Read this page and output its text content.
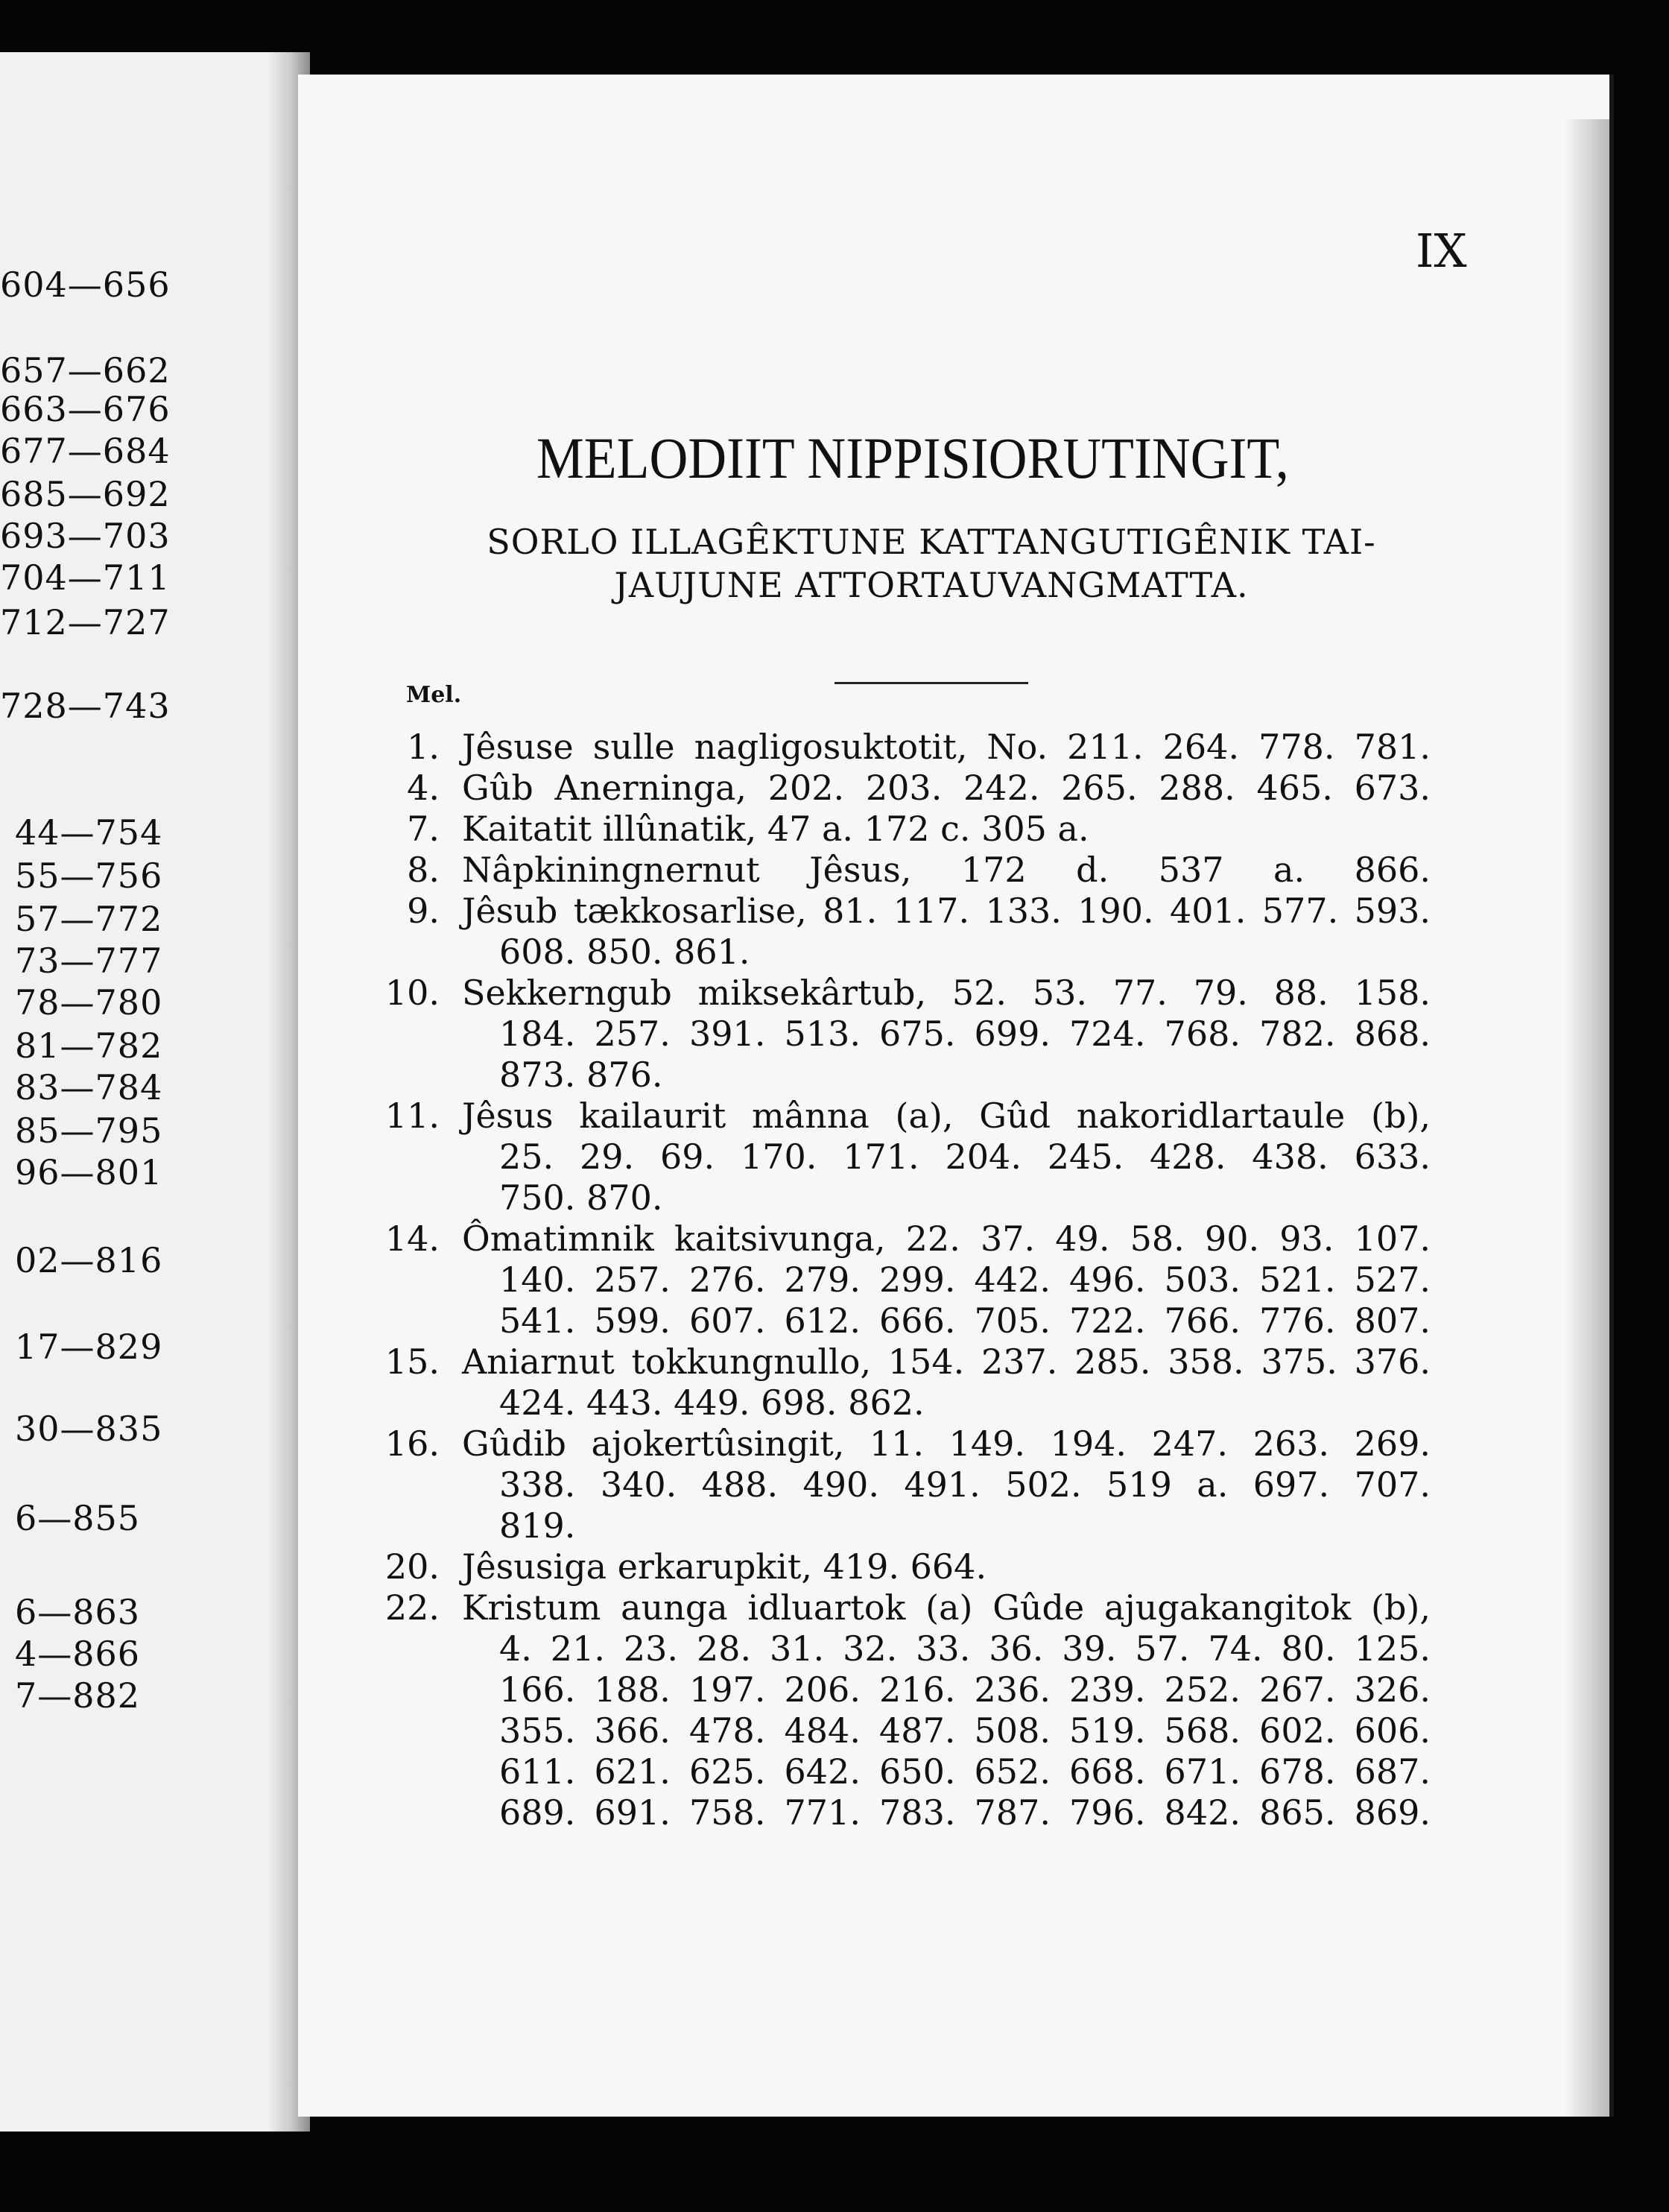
604—656
657—662
663—676
677—684
685—692
693—703
704—711
712—727
728—743
44—754
55—756
57—772
73—777
78—780
81—782
83—784
85—795
96—801
02—816
17—829
30—835
6—855
6—863
4—866
7—882
IX
MELODIIT NIPPISIORUTINGIT,
SORLO ILLAGÊKTUNE KATTANGUTIGÊNIK TAI-
JAUJUNE ATTORTAUVANGMATTA.
Mel.
1. Jêsuse sulle nagligosuktotit, No. 211. 264. 778. 781.
4. Gûb Anerninga, 202. 203. 242. 265. 288. 465. 673.
7. Kaitatit illûnatik, 47 a. 172 c. 305 a.
8. Nâpkiningnernut Jêsus, 172 d. 537 a. 866.
9. Jêsub tækkosarlise, 81. 117. 133. 190. 401. 577. 593.
608. 850. 861.
10. Sekkerngub miksekârtub, 52. 53. 77. 79. 88. 158.
184. 257. 391. 513. 675. 699. 724. 768. 782. 868.
873. 876.
11. Jêsus kailaurit mânna (a), Gûd nakoridlartaule (b),
25. 29. 69. 170. 171. 204. 245. 428. 438. 633.
750. 870.
14. Ômatimnik kaitsivunga, 22. 37. 49. 58. 90. 93. 107.
140. 257. 276. 279. 299. 442. 496. 503. 521. 527.
541. 599. 607. 612. 666. 705. 722. 766. 776. 807.
15. Aniarnut tokkungnullo, 154. 237. 285. 358. 375. 376.
424. 443. 449. 698. 862.
16. Gûdib ajokertûsingit, 11. 149. 194. 247. 263. 269.
338. 340. 488. 490. 491. 502. 519 a. 697. 707.
819.
20. Jêsusiga erkarupkit, 419. 664.
22. Kristum aunga idluartok (a) Gûde ajugakangitok (b),
4. 21. 23. 28. 31. 32. 33. 36. 39. 57. 74. 80. 125.
166. 188. 197. 206. 216. 236. 239. 252. 267. 326.
355. 366. 478. 484. 487. 508. 519. 568. 602. 606.
611. 621. 625. 642. 650. 652. 668. 671. 678. 687.
689. 691. 758. 771. 783. 787. 796. 842. 865. 869.
